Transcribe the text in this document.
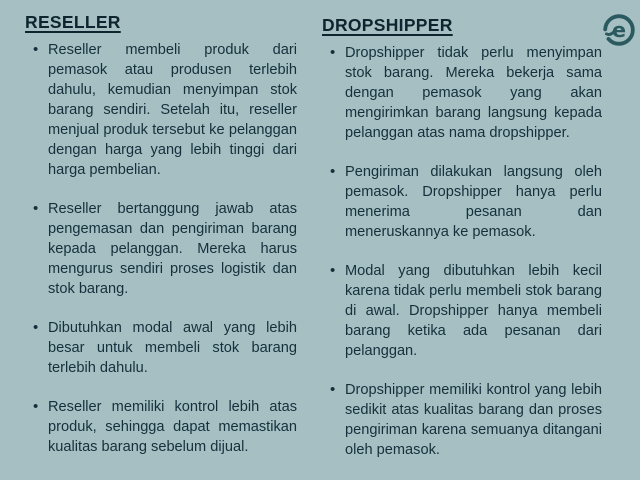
RESELLER
• Reseller membeli produk dari pemasok atau produsen terlebih dahulu, kemudian menyimpan stok barang sendiri. Setelah itu, reseller menjual produk tersebut ke pelanggan dengan harga yang lebih tinggi dari harga pembelian.
• Reseller bertanggung jawab atas pengemasan dan pengiriman barang kepada pelanggan. Mereka harus mengurus sendiri proses logistik dan stok barang.
• Dibutuhkan modal awal yang lebih besar untuk membeli stok barang terlebih dahulu.
• Reseller memiliki kontrol lebih atas produk, sehingga dapat memastikan kualitas barang sebelum dijual.
DROPSHIPPER
• Dropshipper tidak perlu menyimpan stok barang. Mereka bekerja sama dengan pemasok yang akan mengirimkan barang langsung kepada pelanggan atas nama dropshipper.
• Pengiriman dilakukan langsung oleh pemasok. Dropshipper hanya perlu menerima pesanan dan meneruskannya ke pemasok.
• Modal yang dibutuhkan lebih kecil karena tidak perlu membeli stok barang di awal. Dropshipper hanya membeli barang ketika ada pesanan dari pelanggan.
• Dropshipper memiliki kontrol yang lebih sedikit atas kualitas barang dan proses pengiriman karena semuanya ditangani oleh pemasok.
e
